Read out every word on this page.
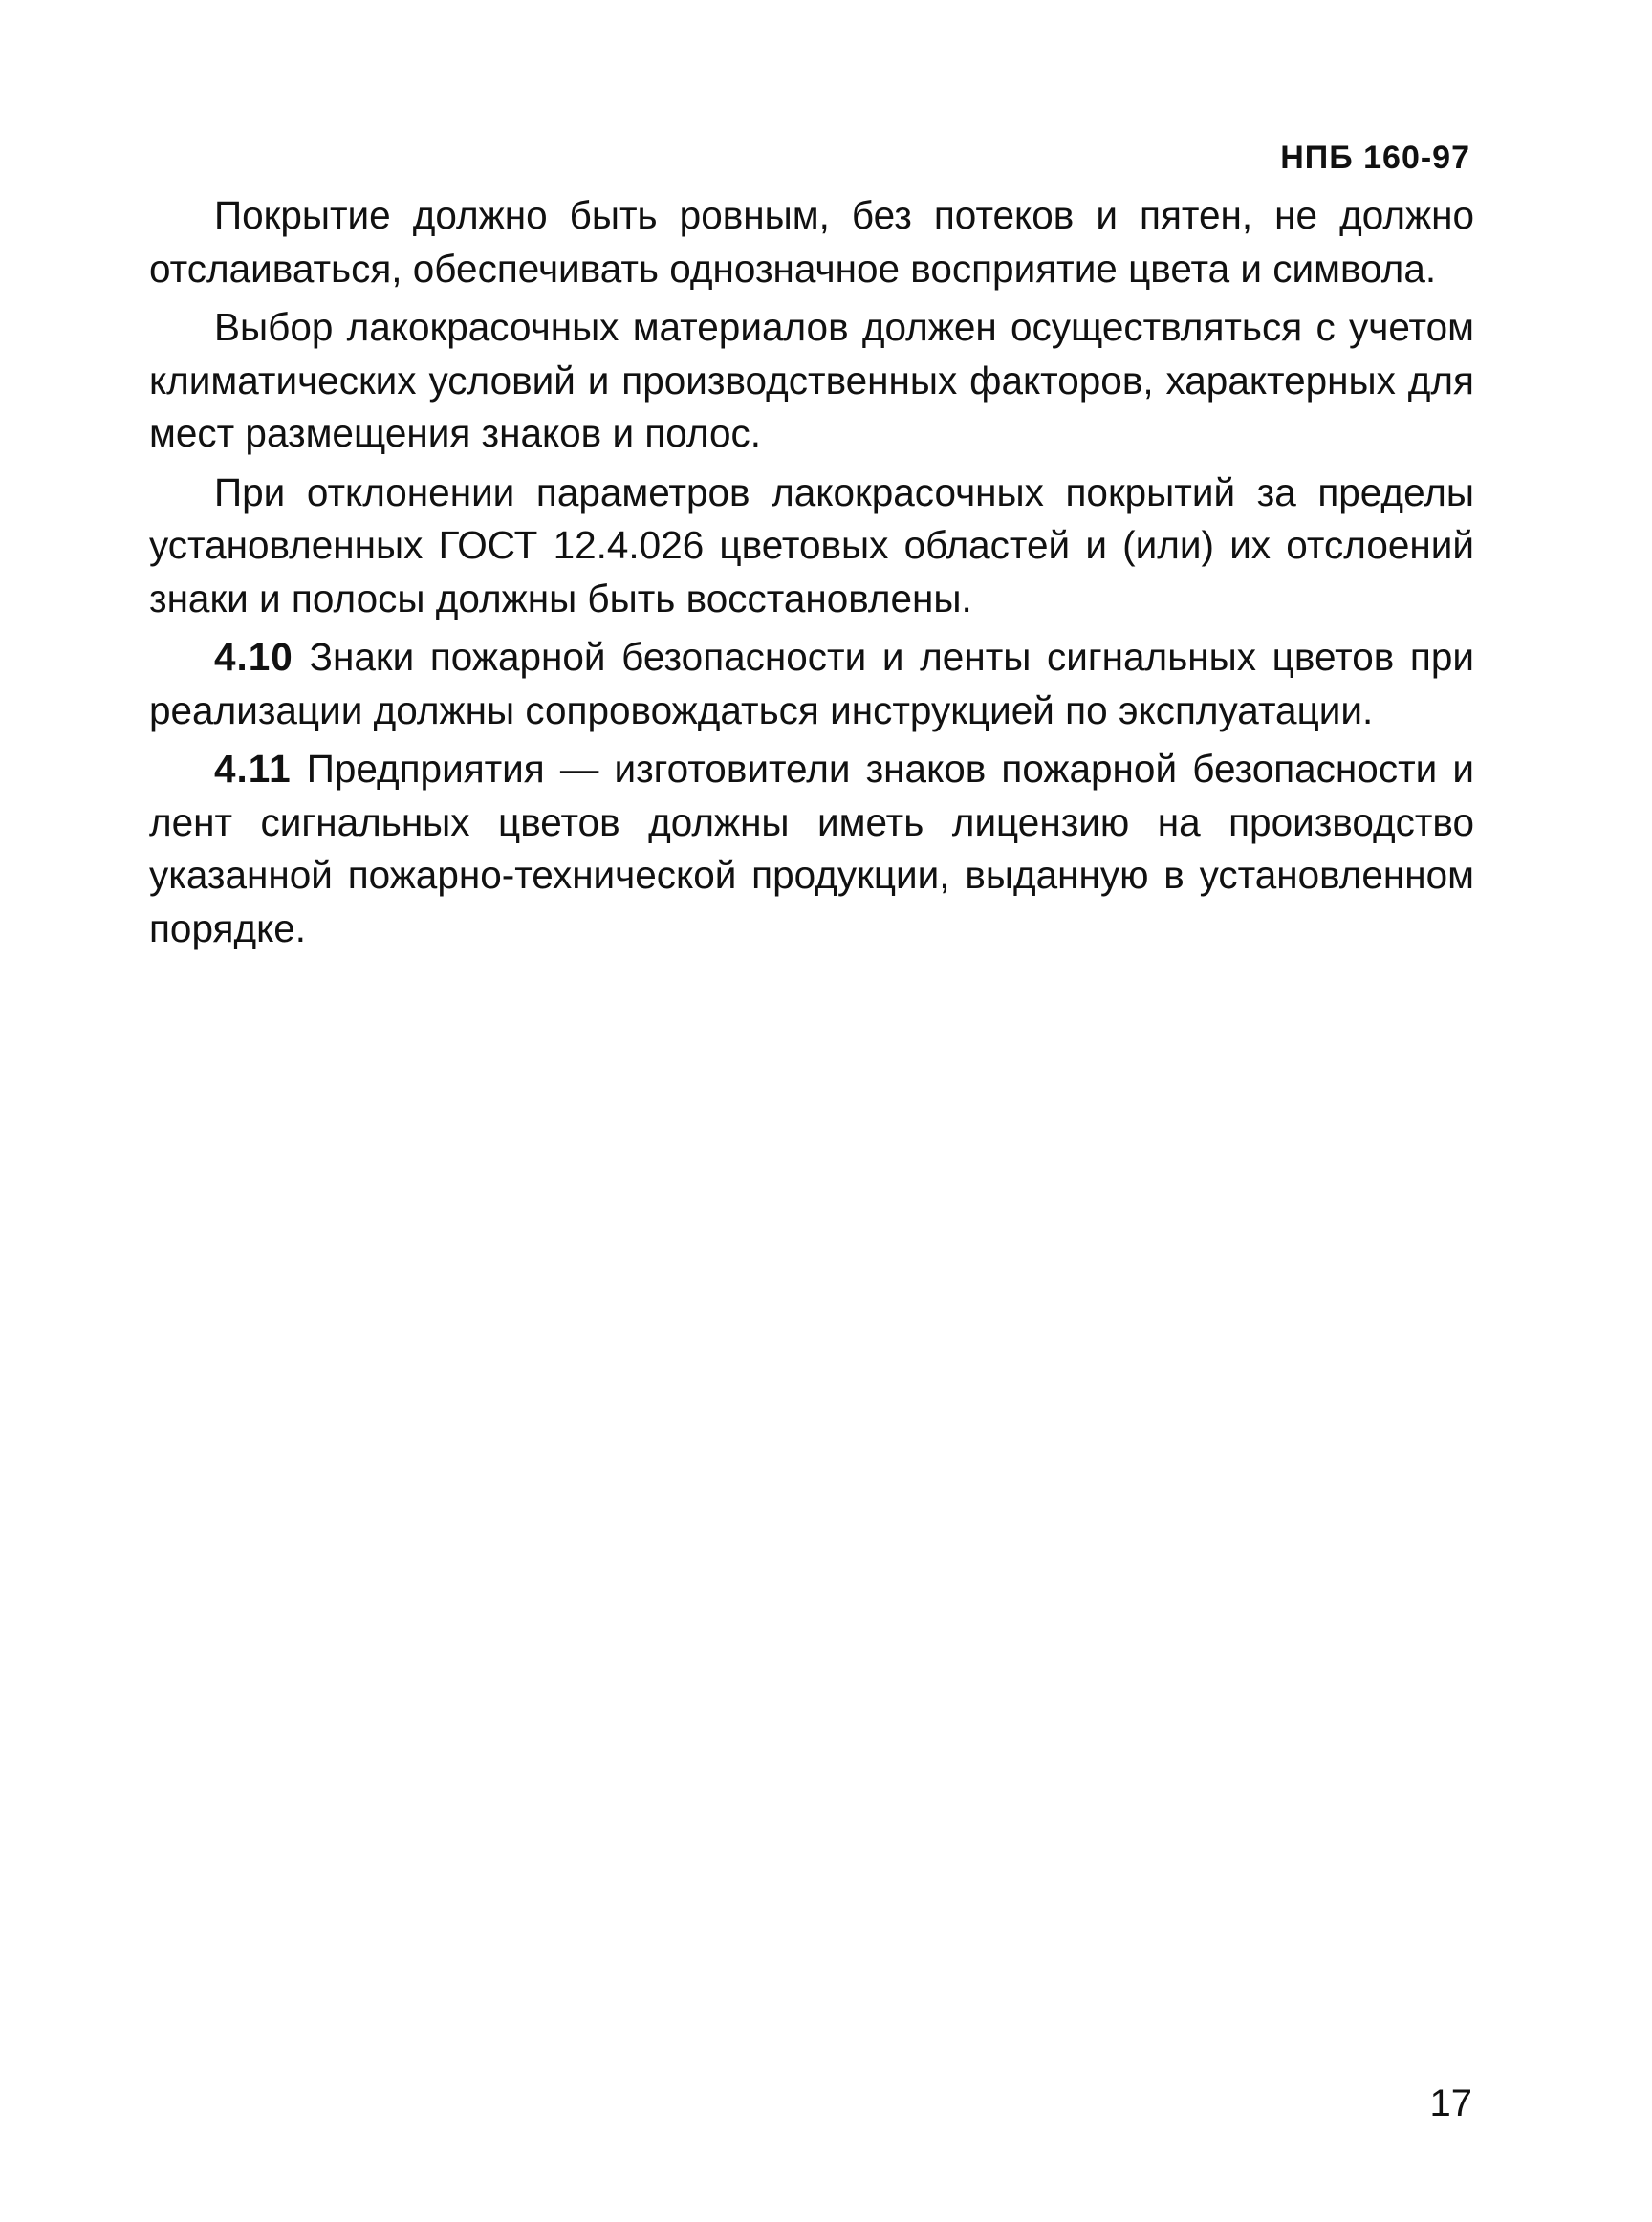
НПБ 160-97

Покрытие должно быть ровным, без потеков и пятен, не должно отслаиваться, обеспечивать однозначное восприятие цвета и символа.

Выбор лакокрасочных материалов должен осуществляться с учетом климатических условий и производственных факторов, характерных для мест размещения знаков и полос.

При отклонении параметров лакокрасочных покрытий за пределы установленных ГОСТ 12.4.026 цветовых областей и (или) их отслоений знаки и полосы должны быть восстановлены.

4.10 Знаки пожарной безопасности и ленты сигнальных цветов при реализации должны сопровождаться инструкцией по эксплуатации.

4.11 Предприятия — изготовители знаков пожарной безопасности и лент сигнальных цветов должны иметь лицензию на производство указанной пожарно-технической продукции, выданную в установленном порядке.

17
